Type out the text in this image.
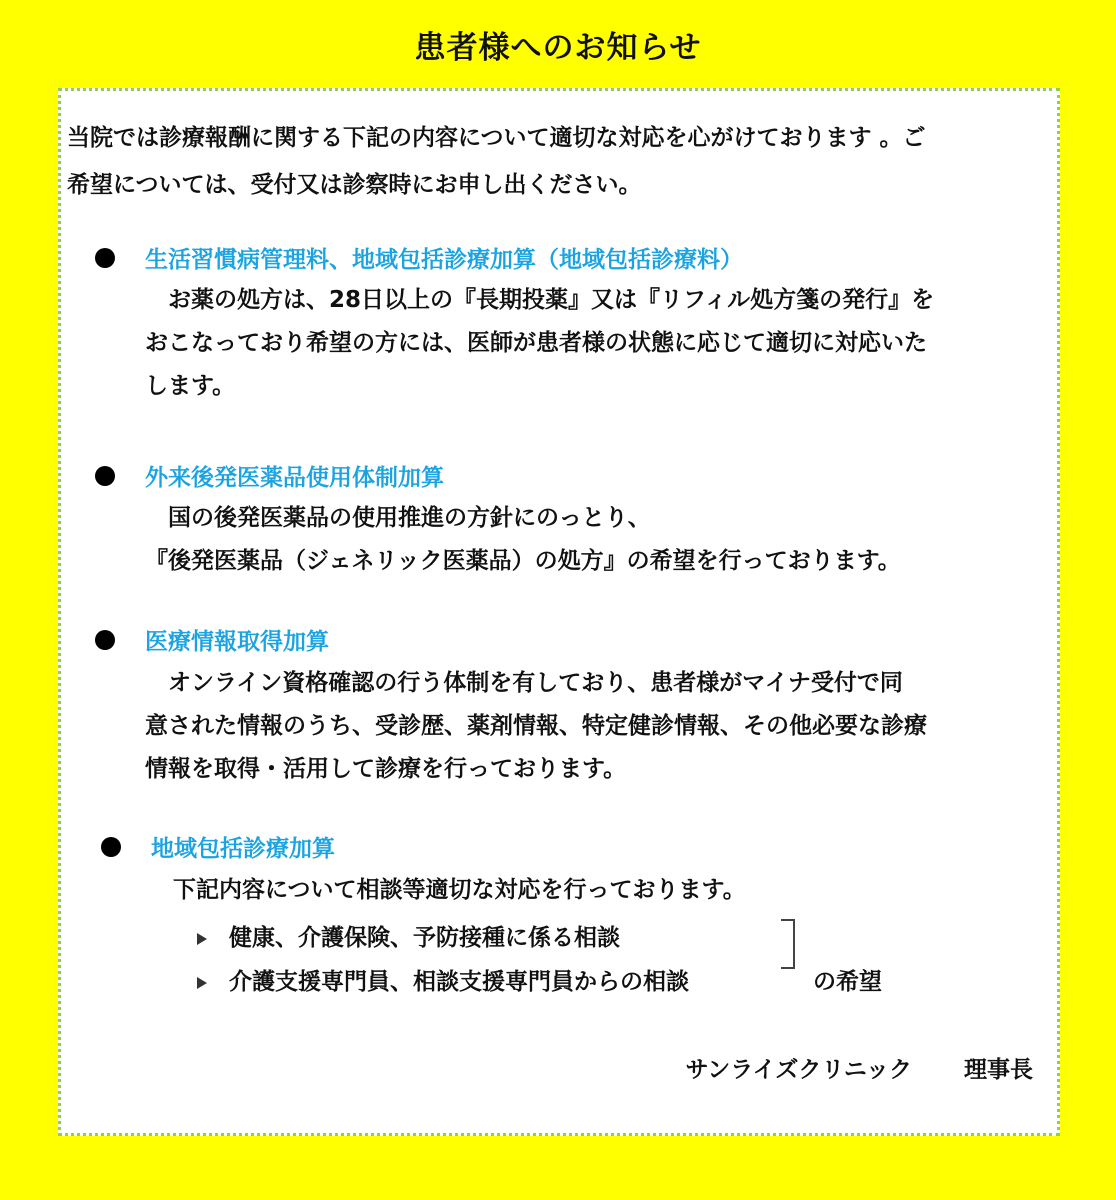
患者様へのお知らせ
当院では診療報酬に関する下記の内容について適切な対応を心がけております 。ご
希望については、受付又は診察時にお申し出ください。
生活習慣病管理料、地域包括診療加算（地域包括診療料）
　お薬の処方は、28日以上の『長期投薬』又は『リフィル処方箋の発行』を
おこなっており希望の方には、医師が患者様の状態に応じて適切に対応いた
します。
外来後発医薬品使用体制加算
　国の後発医薬品の使用推進の方針にのっとり、
『後発医薬品（ジェネリック医薬品）の処方』の希望を行っております。
医療情報取得加算
　オンライン資格確認の行う体制を有しており、患者様がマイナ受付で同
意された情報のうち、受診歴、薬剤情報、特定健診情報、その他必要な診療
情報を取得・活用して診療を行っております。
地域包括診療加算
下記内容について相談等適切な対応を行っております。
健康、介護保険、予防接種に係る相談
介護支援専門員、相談支援専門員からの相談	の希望
サンライズクリニック 理事長
